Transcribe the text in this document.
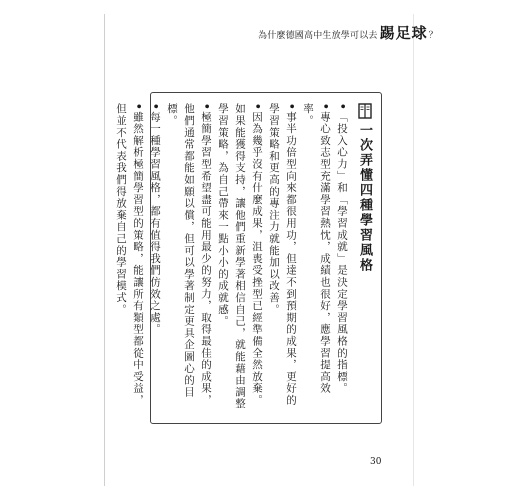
為什麼德國高中生放學可以去 踢足球 ？
一次弄懂四種學習風格

•「投入心力」和「學習成就」是決定學習風格的指標。

•專心致志型充滿學習熱忱，成績也很好，應學習提高效率。

•事半功倍型向來都很用功，但達不到預期的成果，更好的學習策略和更高的專注力就能加以改善。

•因為幾乎沒有什麼成果，沮喪受挫型已經準備全然放棄。如果能獲得支持，讓他們重新學著相信自己，就能藉由調整學習策略，為自己帶來一點小小的成就感。

•極簡學習型希望盡可能用最少的努力，取得最佳的成果，他們通常都能如願以償，但可以學著制定更具企圖心的目標。

•每一種學習風格，都有值得我們仿效之處。

•雖然解析極簡學習型的策略，能讓所有類型都從中受益，但並不代表我們得放棄自己的學習模式。

30
